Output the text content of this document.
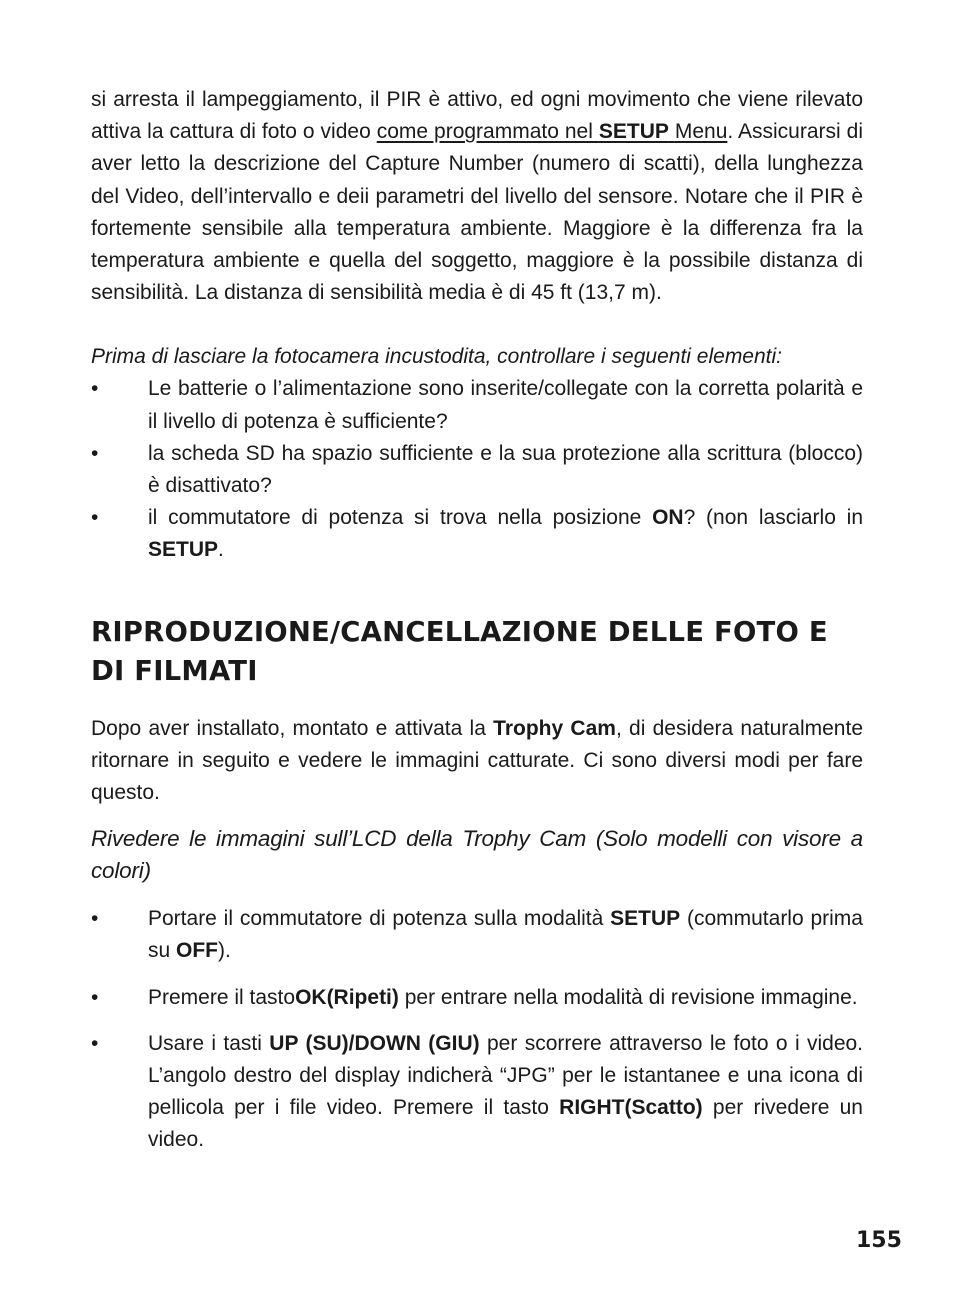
si arresta il lampeggiamento, il PIR è attivo, ed ogni movimento che viene rilevato attiva la cattura di foto o video come programmato nel SETUP Menu. Assicurarsi di aver letto la descrizione del Capture Number (numero di scatti), della lunghezza del Video, dell’intervallo e deii parametri del livello del sensore. Notare che il PIR è fortemente sensibile alla temperatura ambiente. Maggiore è la differenza fra la temperatura ambiente e quella del soggetto, maggiore è la possibile distanza di sensibilità. La distanza di sensibilità media è di 45 ft (13,7 m).

Prima di lasciare la fotocamera incustodita, controllare i seguenti elementi:

• Le batterie o l’alimentazione sono inserite/collegate con la corretta polarità e il livello di potenza è sufficiente?

• la scheda SD ha spazio sufficiente e la sua protezione alla scrittura (blocco) è disattivato?

• il commutatore di potenza si trova nella posizione ON? (non lasciarlo in SETUP.

RIPRODUZIONE/CANCELLAZIONE DELLE FOTO E DI FILMATI

Dopo aver installato, montato e attivata la Trophy Cam, di desidera naturalmente ritornare in seguito e vedere le immagini catturate. Ci sono diversi modi per fare questo.

Rivedere le immagini sull’LCD della Trophy Cam (Solo modelli con visore a colori)

• Portare il commutatore di potenza sulla modalità SETUP (commutarlo prima su OFF).

• Premere il tastoOK(Ripeti) per entrare nella modalità di revisione immagine.

• Usare i tasti UP (SU)/DOWN (GIU) per scorrere attraverso le foto o i video. L’angolo destro del display indicherà “JPG” per le istantanee e una icona di pellicola per i file video. Premere il tasto RIGHT(Scatto) per rivedere un video.

155
